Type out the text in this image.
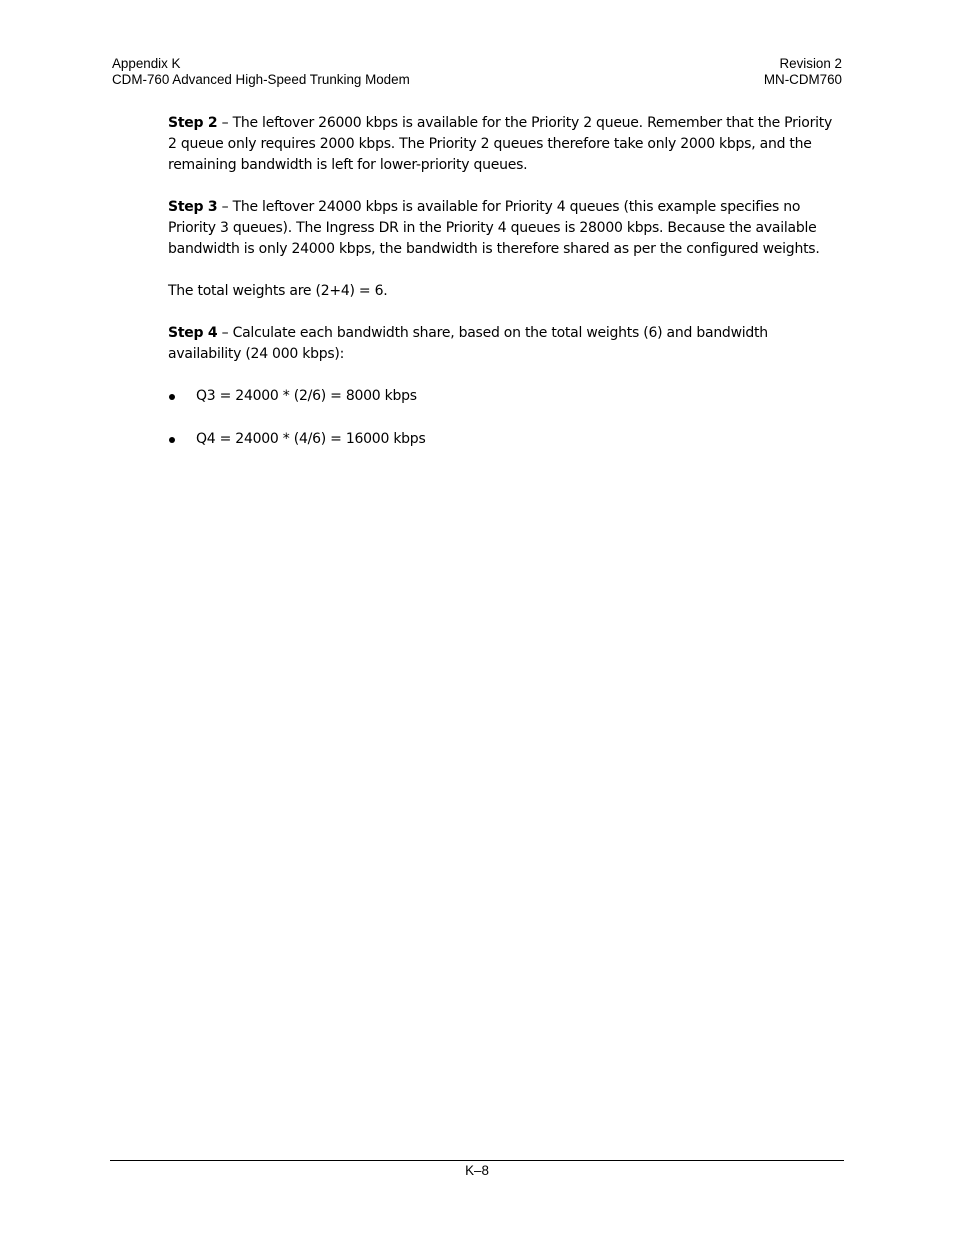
Appendix K
CDM-760 Advanced High-Speed Trunking Modem
Revision 2
MN-CDM760

Step 2 – The leftover 26000 kbps is available for the Priority 2 queue. Remember that the Priority 2 queue only requires 2000 kbps. The Priority 2 queues therefore take only 2000 kbps, and the remaining bandwidth is left for lower-priority queues.

Step 3 – The leftover 24000 kbps is available for Priority 4 queues (this example specifies no Priority 3 queues). The Ingress DR in the Priority 4 queues is 28000 kbps. Because the available bandwidth is only 24000 kbps, the bandwidth is therefore shared as per the configured weights.

The total weights are (2+4) = 6.

Step 4 – Calculate each bandwidth share, based on the total weights (6) and bandwidth availability (24 000 kbps):

Q3 = 24000 * (2/6) = 8000 kbps
Q4 = 24000 * (4/6) = 16000 kbps
K–8
